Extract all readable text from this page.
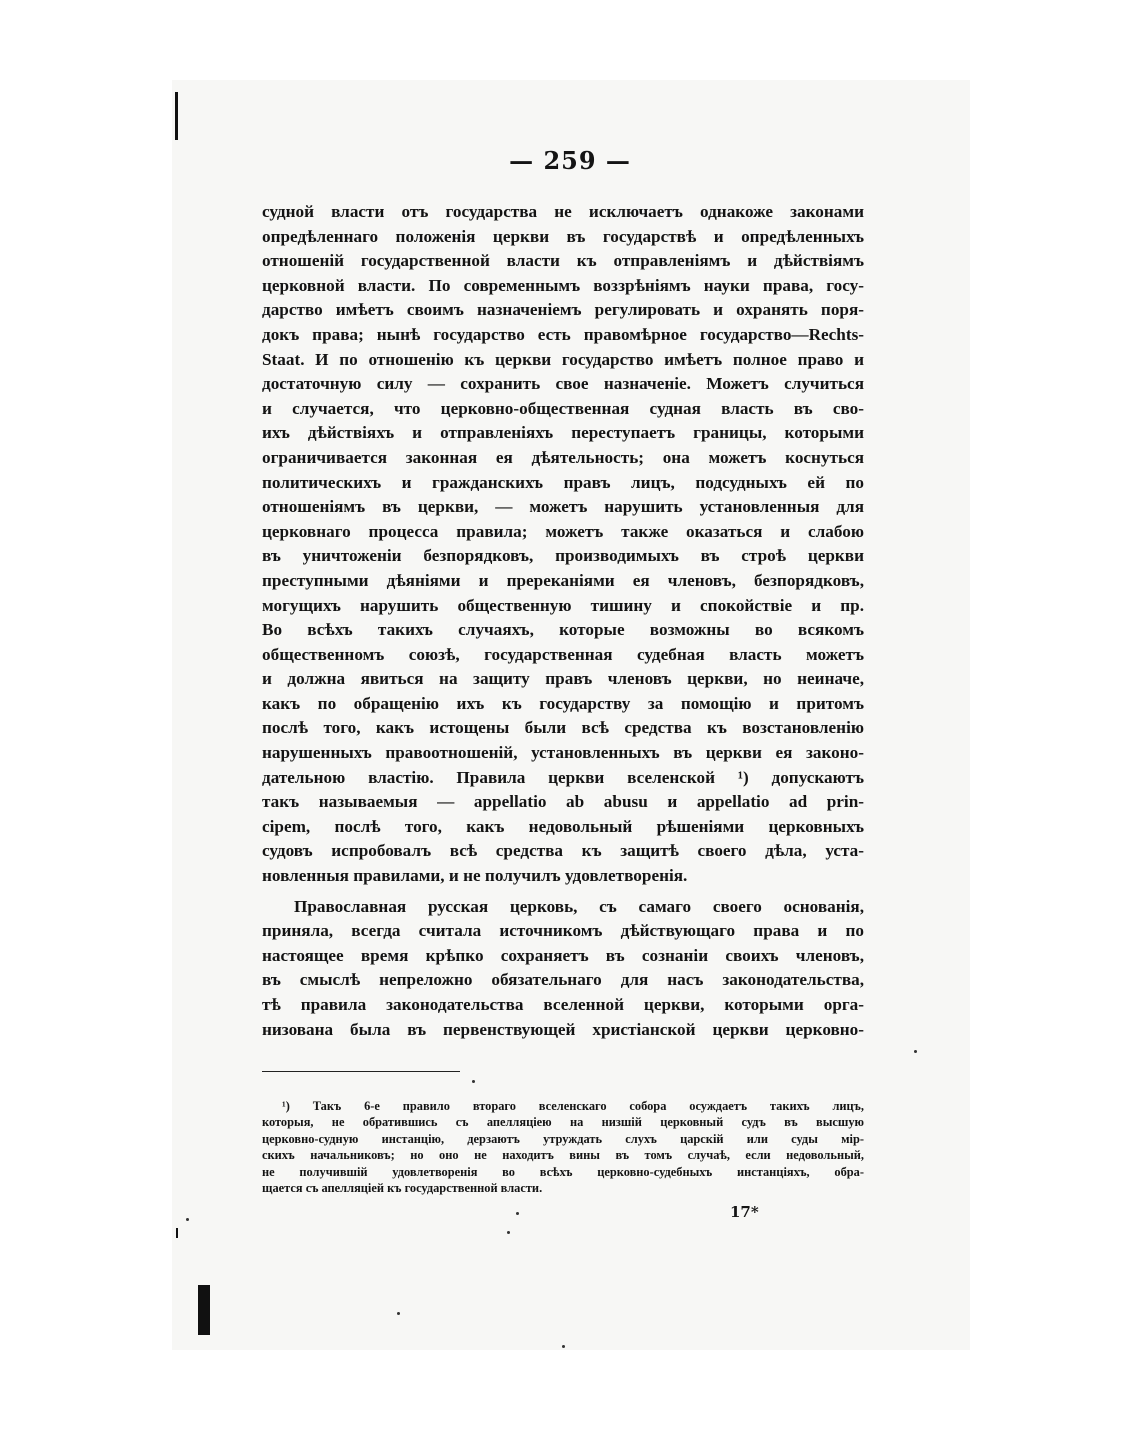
— 259 —
судной власти отъ государства не исключаетъ однакоже законами
опредѣленнаго положенія церкви въ государствѣ и опредѣленныхъ
отношеній государственной власти къ отправленіямъ и дѣйствіямъ
церковной власти. По современнымъ воззрѣніямъ науки права, госу-
дарство имѣетъ своимъ назначеніемъ регулировать и охранять поря-
докъ права; нынѣ государство есть правомѣрное государство—Rechts-
Staat. И по отношенію къ церкви государство имѣетъ полное право и
достаточную силу — сохранить свое назначеніе. Можетъ случиться
и случается, что церковно-общественная судная власть въ сво-
ихъ дѣйствіяхъ и отправленіяхъ переступаетъ границы, которыми
ограничивается законная ея дѣятельность; она можетъ коснуться
политическихъ и гражданскихъ правъ лицъ, подсудныхъ ей по
отношеніямъ въ церкви, — можетъ нарушить установленныя для
церковнаго процесса правила; можетъ также оказаться и слабою
въ уничтоженіи безпорядковъ, производимыхъ въ строѣ церкви
преступными дѣяніями и пререканіями ея членовъ, безпорядковъ,
могущихъ нарушить общественную тишину и спокойствіе и пр.
Во всѣхъ такихъ случаяхъ, которые возможны во всякомъ
общественномъ союзѣ, государственная судебная власть можетъ
и должна явиться на защиту правъ членовъ церкви, но неиначе,
какъ по обращенію ихъ къ государству за помощію и притомъ
послѣ того, какъ истощены были всѣ средства къ возстановленію
нарушенныхъ правоотношеній, установленныхъ въ церкви ея законо-
дательною властію. Правила церкви вселенской ¹) допускаютъ
такъ называемыя — appellatio ab abusu и appellatio ad prin-
cipem, послѣ того, какъ недовольный рѣшеніями церковныхъ
судовъ испробовалъ всѣ средства къ защитѣ своего дѣла, уста-
новленныя правилами, и не получилъ удовлетворенія.
Православная русская церковь, съ самаго своего основанія,
приняла, всегда считала источникомъ дѣйствующаго права и по
настоящее время крѣпко сохраняетъ въ сознаніи своихъ членовъ,
въ смыслѣ непреложно обязательнаго для насъ законодательства,
тѣ правила законодательства вселенной церкви, которыми орга-
низована была въ первенствующей христіанской церкви церковно-
¹) Такъ 6-е правило втораго вселенскаго собора осуждаетъ такихъ лицъ,
которыя, не обратившись съ апелляціею на низшій церковный судъ въ высшую
церковно-судную инстанцію, дерзаютъ утруждать слухъ царскій или суды мір-
скихъ начальниковъ; но оно не находитъ вины въ томъ случаѣ, если недовольный,
не получившій удовлетворенія во всѣхъ церковно-судебныхъ инстанціяхъ, обра-
щается съ апелляціей къ государственной власти.
17*
